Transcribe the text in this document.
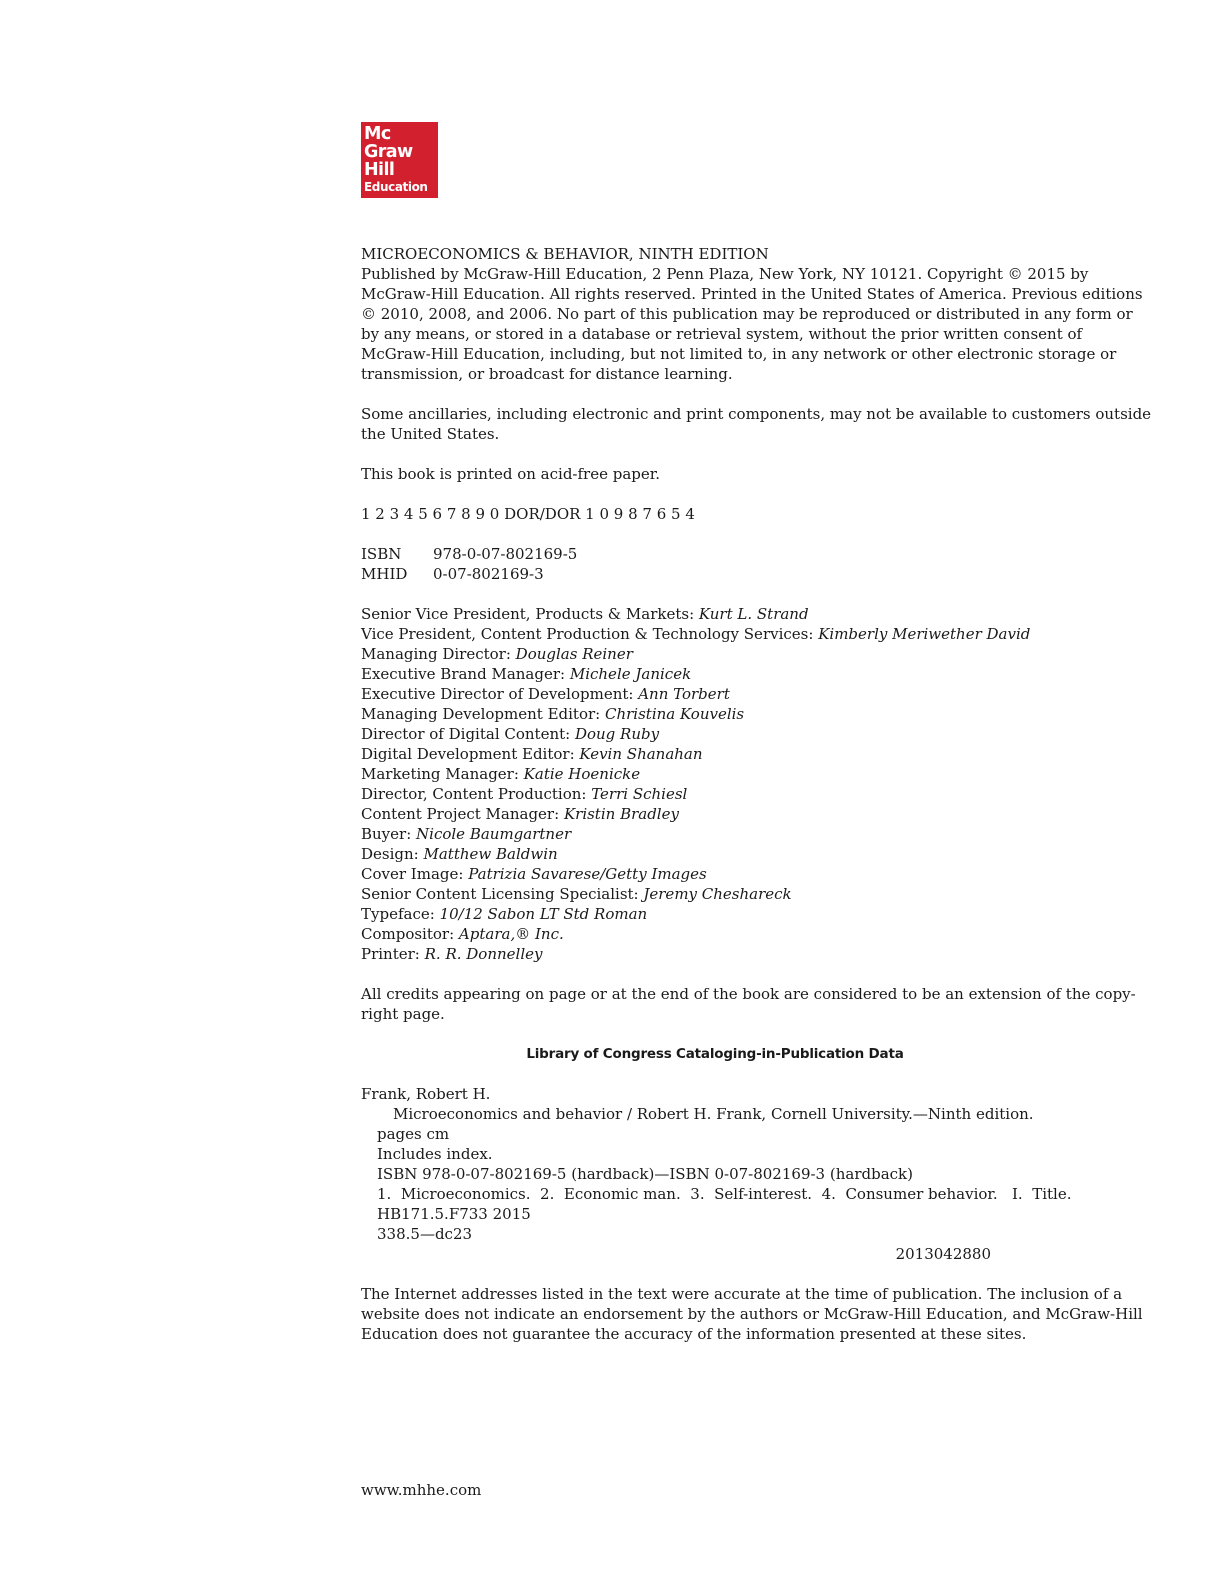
Mc
Graw
Hill
Education

MICROECONOMICS & BEHAVIOR, NINTH EDITION

Published by McGraw-Hill Education, 2 Penn Plaza, New York, NY 10121. Copyright © 2015 by

McGraw-Hill Education. All rights reserved. Printed in the United States of America. Previous editions

© 2010, 2008, and 2006. No part of this publication may be reproduced or distributed in any form or

by any means, or stored in a database or retrieval system, without the prior written consent of

McGraw-Hill Education, including, but not limited to, in any network or other electronic storage or

transmission, or broadcast for distance learning.

Some ancillaries, including electronic and print components, may not be available to customers outside

the United States.

This book is printed on acid-free paper.

1 2 3 4 5 6 7 8 9 0 DOR/DOR 1 0 9 8 7 6 5 4

ISBN	978-0-07-802169-5
MHID	0-07-802169-3

Senior Vice President, Products & Markets: Kurt L. Strand

Vice President, Content Production & Technology Services: Kimberly Meriwether David

Managing Director: Douglas Reiner

Executive Brand Manager: Michele Janicek

Executive Director of Development: Ann Torbert

Managing Development Editor: Christina Kouvelis

Director of Digital Content: Doug Ruby

Digital Development Editor: Kevin Shanahan

Marketing Manager: Katie Hoenicke

Director, Content Production: Terri Schiesl

Content Project Manager: Kristin Bradley

Buyer: Nicole Baumgartner

Design: Matthew Baldwin

Cover Image: Patrizia Savarese/Getty Images

Senior Content Licensing Specialist: Jeremy Cheshareck

Typeface: 10/12 Sabon LT Std Roman

Compositor: Aptara,® Inc.

Printer: R. R. Donnelley

All credits appearing on page or at the end of the book are considered to be an extension of the copy-

right page.

Library of Congress Cataloging-in-Publication Data

Frank, Robert H.

Microeconomics and behavior / Robert H. Frank, Cornell University.—Ninth edition.

pages cm

Includes index.

ISBN 978-0-07-802169-5 (hardback)—ISBN 0-07-802169-3 (hardback)

1.  Microeconomics.  2.  Economic man.  3.  Self-interest.  4.  Consumer behavior.   I.  Title.

HB171.5.F733 2015

338.5—dc23

2013042880

The Internet addresses listed in the text were accurate at the time of publication. The inclusion of a

website does not indicate an endorsement by the authors or McGraw-Hill Education, and McGraw-Hill

Education does not guarantee the accuracy of the information presented at these sites.

www.mhhe.com
